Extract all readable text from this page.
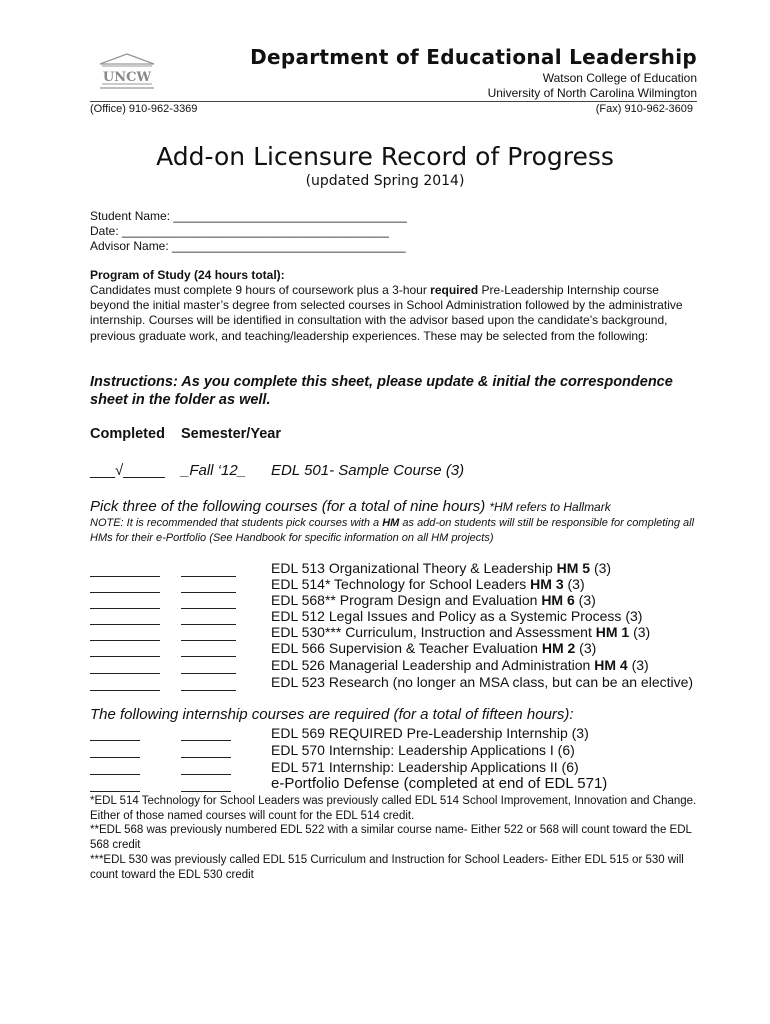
UNCW
Department of Educational Leadership
Watson College of Education
University of North Carolina Wilmington
(Office) 910-962-3369	(Fax) 910-962-3609
Add-on Licensure Record of Progress
(updated Spring 2014)
Student Name: ___________________________________
Date: ________________________________________
Advisor Name: ___________________________________
Program of Study (24 hours total):
Candidates must complete 9 hours of coursework plus a 3-hour required Pre-Leadership Internship course beyond the initial master’s degree from selected courses in School Administration followed by the administrative internship. Courses will be identified in consultation with the advisor based upon the candidate’s background, previous graduate work, and teaching/leadership experiences. These may be selected from the following:
Instructions: As you complete this sheet, please update & initial the correspondence sheet in the folder as well.
Completed Semester/Year
___√_____ _Fall ‘12_ EDL 501- Sample Course (3)
Pick three of the following courses (for a total of nine hours) *HM refers to Hallmark
NOTE: It is recommended that students pick courses with a HM as add-on students will still be responsible for completing all HMs for their e-Portfolio (See Handbook for specific information on all HM projects)
EDL 513 Organizational Theory & Leadership HM 5 (3)
EDL 514* Technology for School Leaders HM 3 (3)
EDL 568** Program Design and Evaluation HM 6 (3)
EDL 512 Legal Issues and Policy as a Systemic Process (3)
EDL 530*** Curriculum, Instruction and Assessment HM 1 (3)
EDL 566 Supervision & Teacher Evaluation HM 2 (3)
EDL 526 Managerial Leadership and Administration HM 4 (3)
EDL 523 Research (no longer an MSA class, but can be an elective)
The following internship courses are required (for a total of fifteen hours):
EDL 569 REQUIRED Pre-Leadership Internship (3)
EDL 570 Internship: Leadership Applications I (6)
EDL 571 Internship: Leadership Applications II (6)
e-Portfolio Defense (completed at end of EDL 571)
*EDL 514 Technology for School Leaders was previously called EDL 514 School Improvement, Innovation and Change. Either of those named courses will count for the EDL 514 credit.
**EDL 568 was previously numbered EDL 522 with a similar course name- Either 522 or 568 will count toward the EDL 568 credit
***EDL 530 was previously called EDL 515 Curriculum and Instruction for School Leaders- Either EDL 515 or 530 will count toward the EDL 530 credit
